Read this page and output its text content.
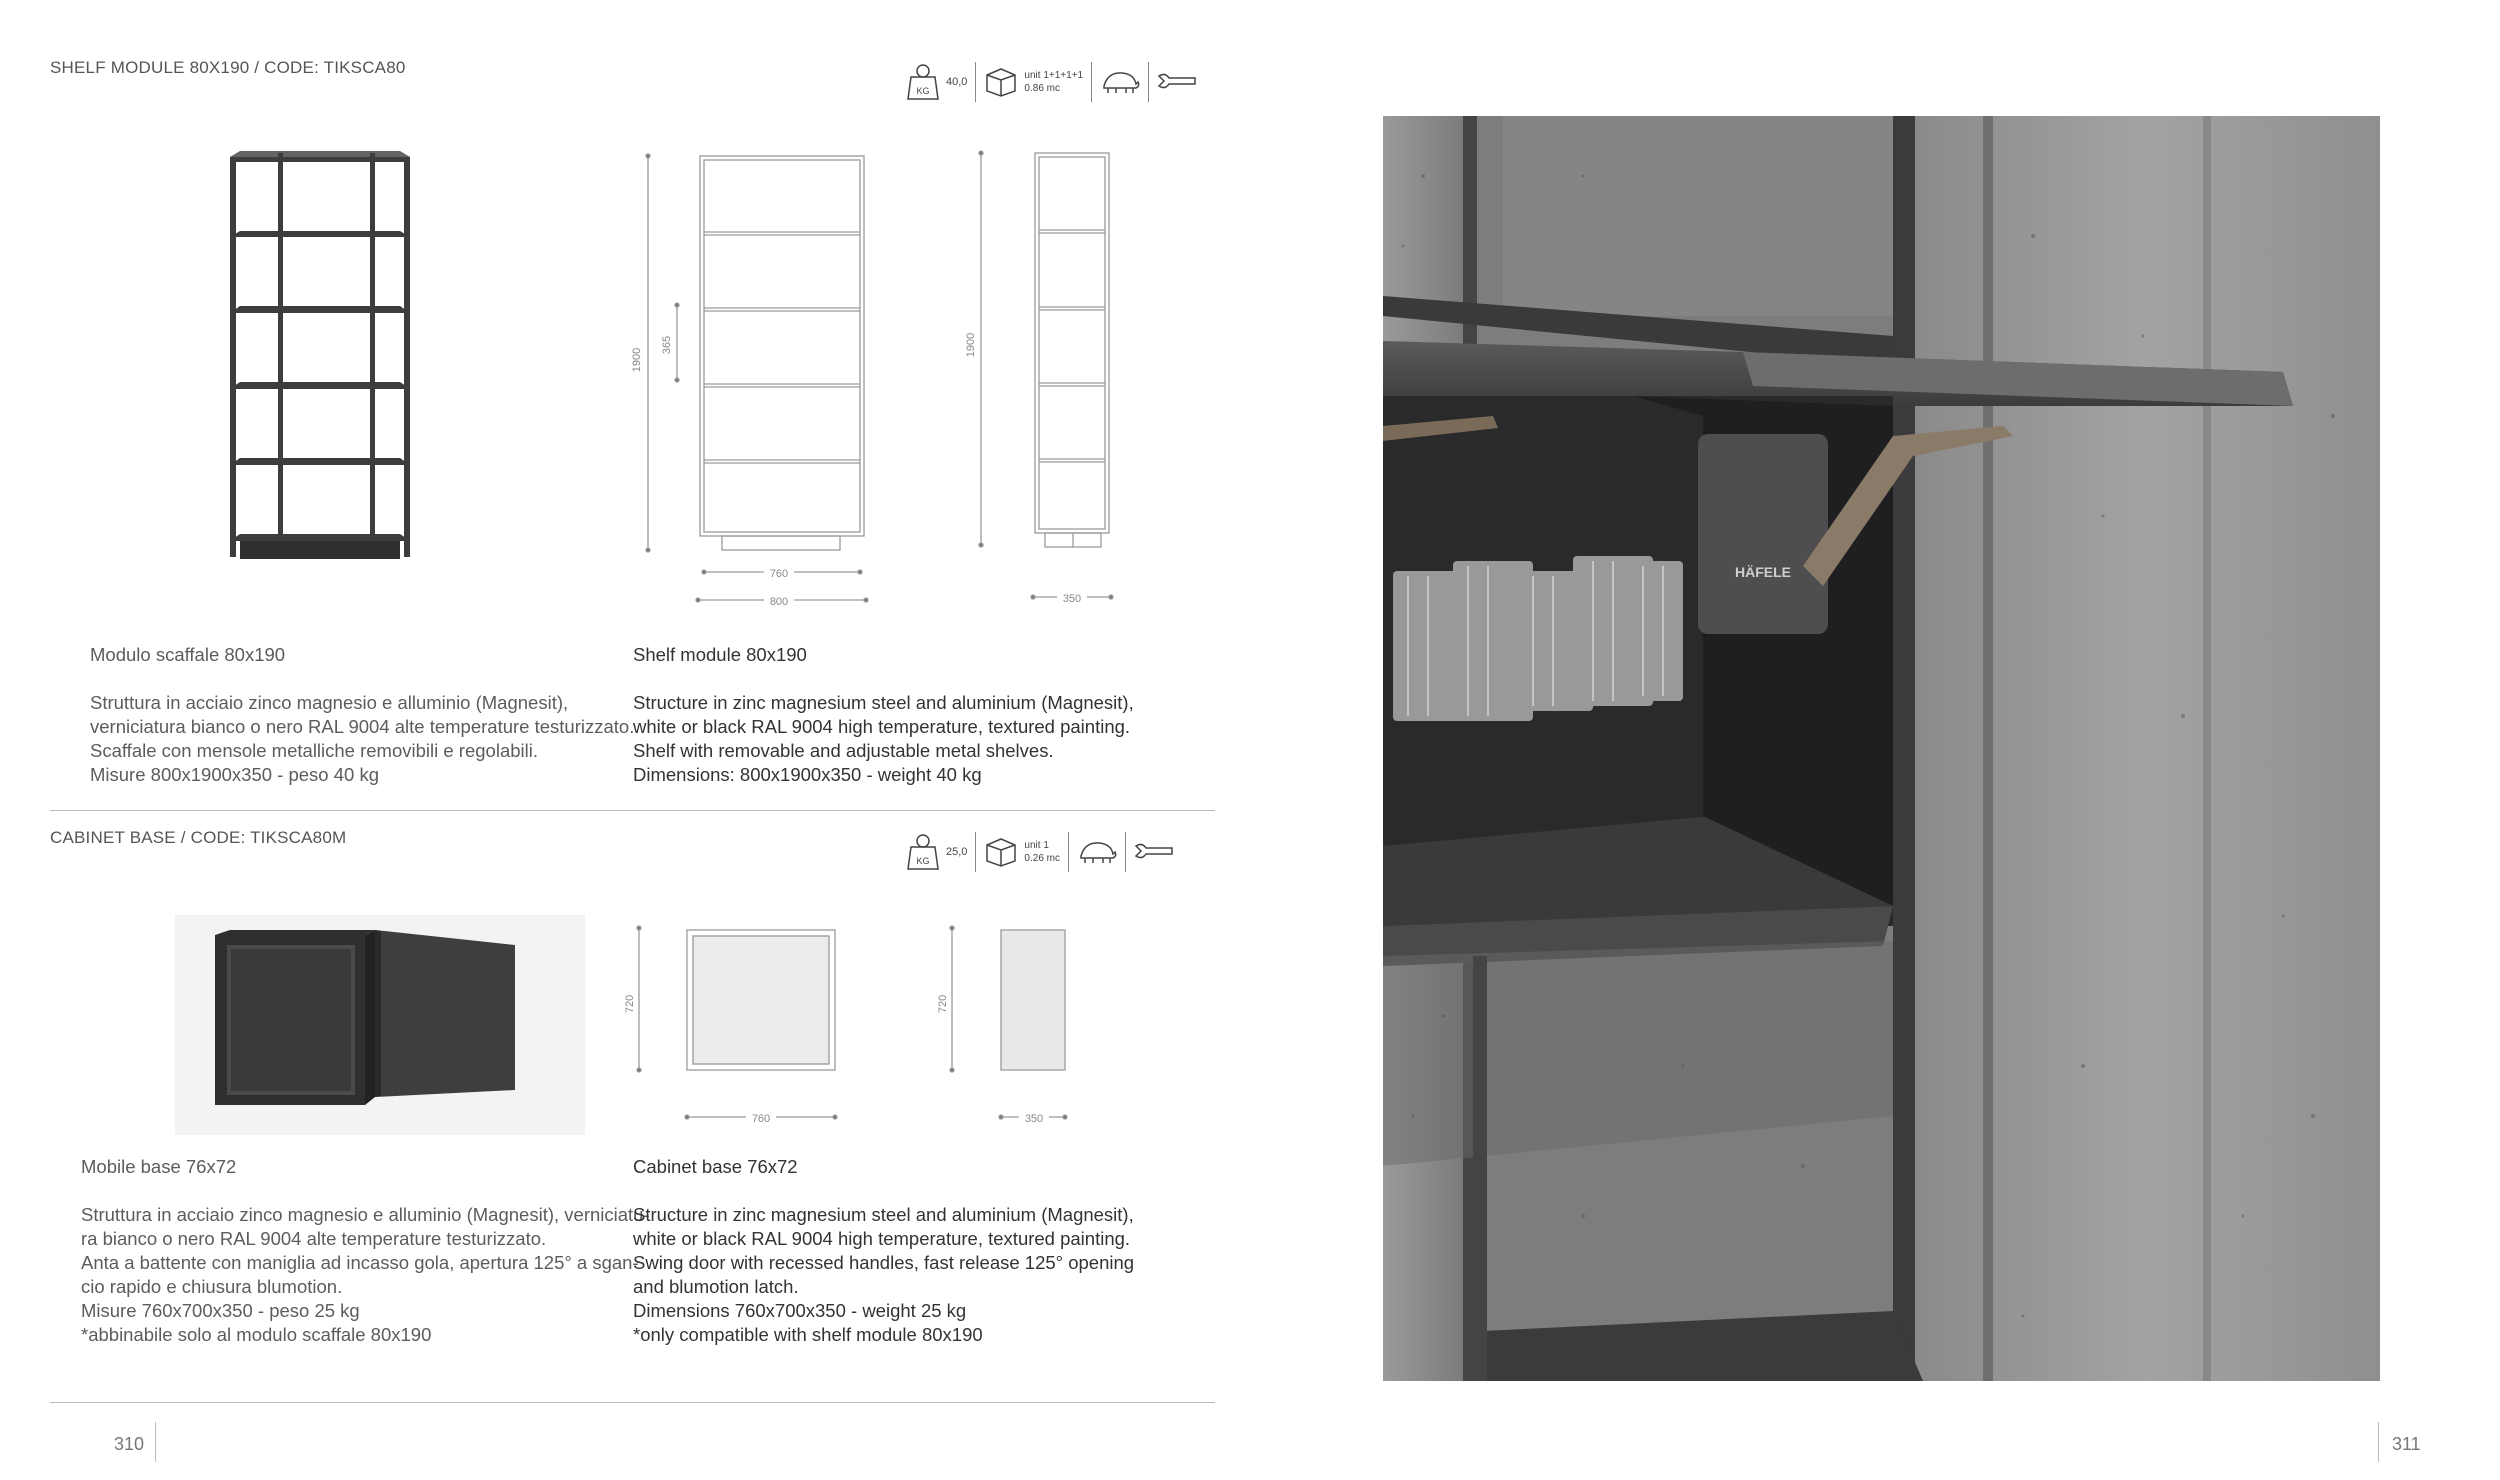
SHELF MODULE 80X190 / CODE: TIKSCA80
KG
40,0	unit 1+1+1+1
0.86 mc
760
800
1900
365
350
1900
Modulo scaffale 80x190
Struttura in acciaio zinco magnesio e alluminio (Magnesit),
verniciatura bianco o nero RAL 9004 alte temperature testurizzato.
Scaffale con mensole metalliche removibili e regolabili.
Misure 800x1900x350 - peso 40 kg
Shelf module 80x190
Structure in zinc magnesium steel and aluminium (Magnesit),
white or black RAL 9004 high temperature, textured painting.
Shelf with removable and adjustable metal shelves.
Dimensions: 800x1900x350 - weight 40 kg
CABINET BASE / CODE: TIKSCA80M
KG
25,0	unit 1
0.26 mc
760
720
350
720
Mobile base 76x72
Struttura in acciaio zinco magnesio e alluminio (Magnesit), verniciatu-
ra bianco o nero RAL 9004 alte temperature testurizzato.
Anta a battente con maniglia ad incasso gola, apertura 125° a sgan-
cio rapido e chiusura blumotion.
Misure 760x700x350 - peso 25 kg
*abbinabile solo al modulo scaffale 80x190
Cabinet base 76x72
Structure in zinc magnesium steel and aluminium (Magnesit),
white or black RAL 9004 high temperature, textured painting.
Swing door with recessed handles, fast release 125° opening
and blumotion latch.
Dimensions 760x700x350 - weight 25 kg
*only compatible with shelf module 80x190
310	311
HÄFELE
